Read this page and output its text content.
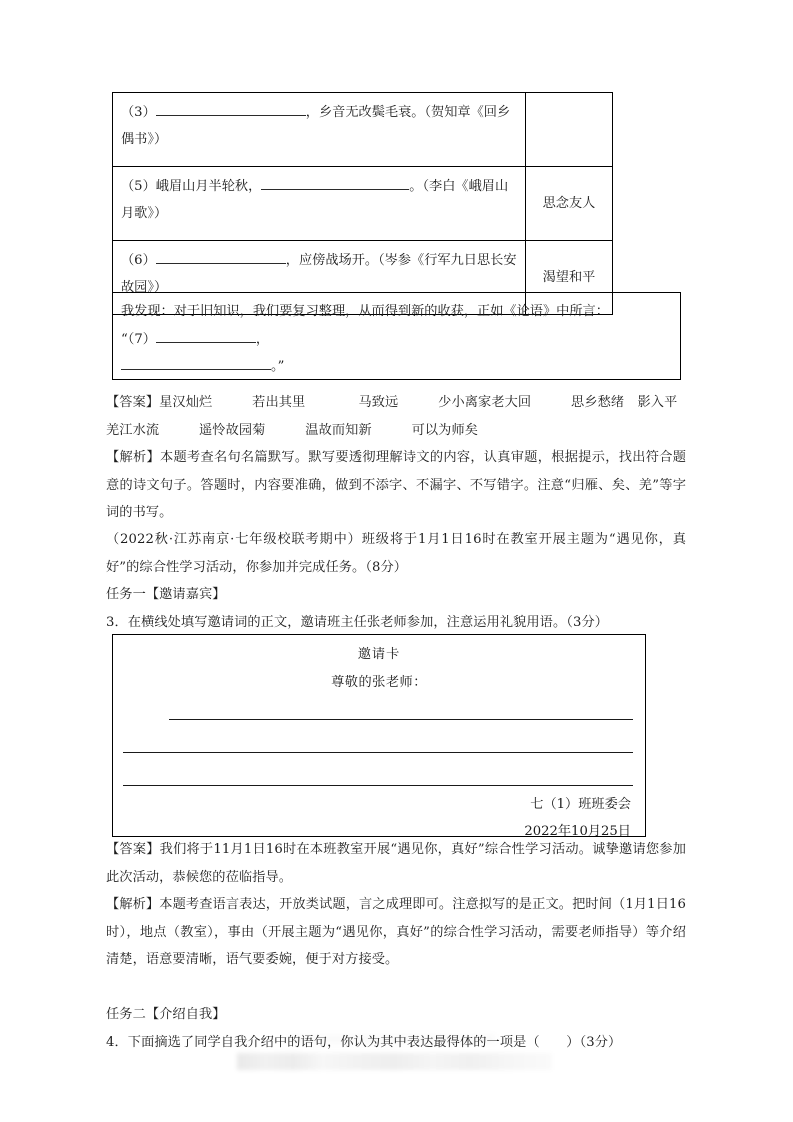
（3） ，乡音无改鬓毛衰。（贺知章《回乡偶书》）	
（5）峨眉山月半轮秋， 。（李白《峨眉山月歌》）	思念友人
（6） ，应傍战场开。（岑参《行军九日思长安故园》）	渴望和平
我发现：对于旧知识，我们要复习整理，从而得到新的收获，正如《论语》中所言：
“（7）	，
。”

【答案】星汉灿烂　　　若出其里　　　　马致远　　　少小离家老大回　　　思乡愁绪　影入平

羌江水流　　　遥怜故园菊　　　温故而知新　　　可以为师矣

【解析】本题考查名句名篇默写。默写要透彻理解诗文的内容，认真审题，根据提示，找出符合题意的诗文句子。答题时，内容要准确，做到不添字、不漏字、不写错字。注意“归雁、矣、羌”等字词的书写。

（2022秋·江苏南京·七年级校联考期中）班级将于1月1日16时在教室开展主题为“遇见你，真好”的综合性学习活动，你参加并完成任务。（8分）

任务一【邀请嘉宾】

3．在横线处填写邀请词的正文，邀请班主任张老师参加，注意运用礼貌用语。（3分）

邀请卡
尊敬的张老师：
七（1）班班委会
2022年10月25日

【答案】我们将于11月1日16时在本班教室开展“遇见你，真好”综合性学习活动。诚挚邀请您参加此次活动，恭候您的莅临指导。

【解析】本题考查语言表达，开放类试题，言之成理即可。注意拟写的是正文。把时间（1月1日16时），地点（教室），事由（开展主题为“遇见你，真好”的综合性学习活动，需要老师指导）等介绍清楚，语意要清晰，语气要委婉，便于对方接受。

任务二【介绍自我】

4．下面摘选了同学自我介绍中的语句，你认为其中表达最得体的一项是（　　）（3分）
